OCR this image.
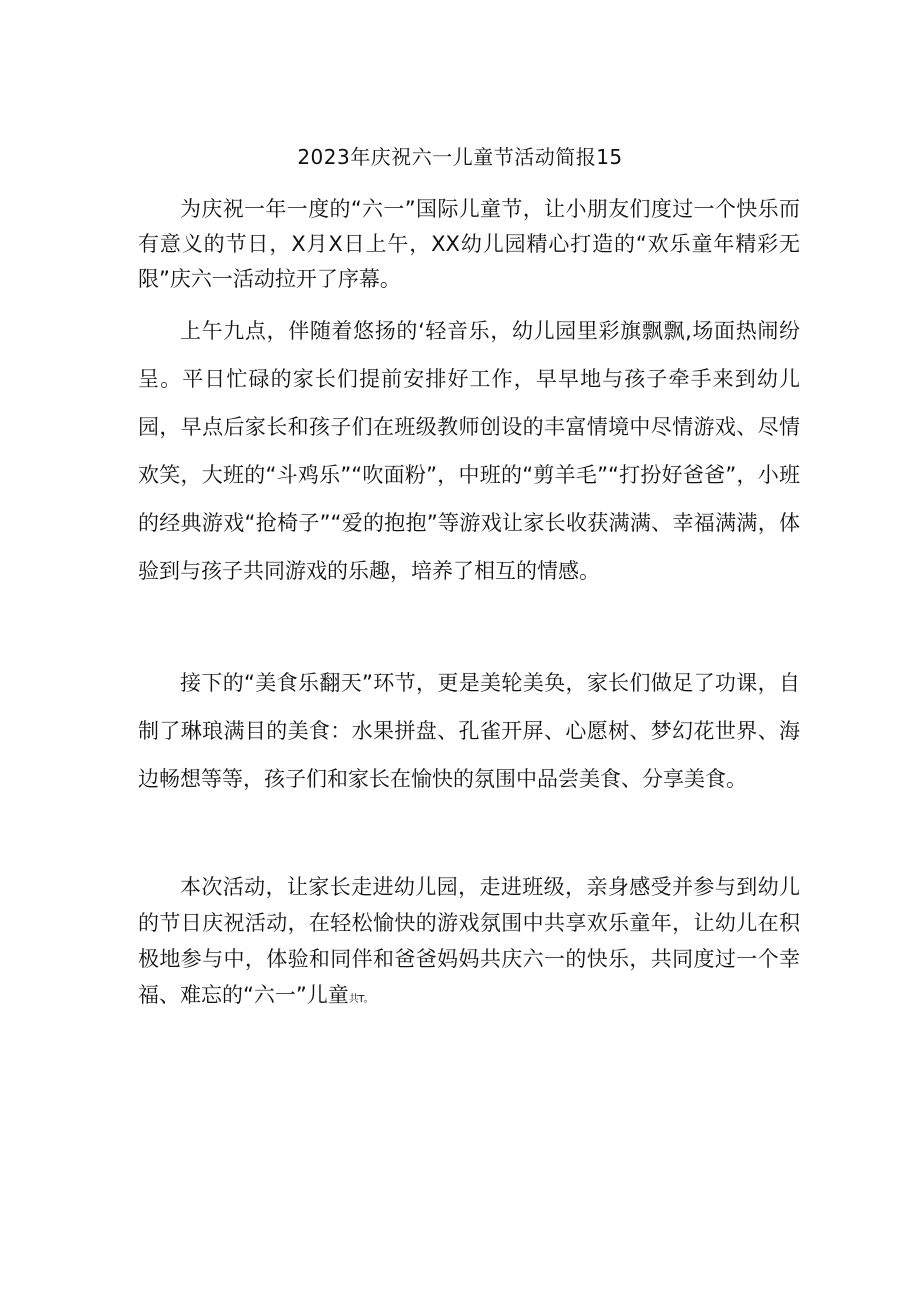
2023年庆祝六一儿童节活动简报15

为庆祝一年一度的“六一”国际儿童节，让小朋友们度过一个快乐而有意义的节日，X月X日上午，XX幼儿园精心打造的“欢乐童年精彩无限”庆六一活动拉开了序幕。

上午九点，伴随着悠扬的‘轻音乐，幼儿园里彩旗飘飘,场面热闹纷呈。平日忙碌的家长们提前安排好工作，早早地与孩子牵手来到幼儿园，早点后家长和孩子们在班级教师创设的丰富情境中尽情游戏、尽情欢笑，大班的“斗鸡乐”“吹面粉”，中班的“剪羊毛”“打扮好爸爸”，小班的经典游戏“抢椅子”“爱的抱抱”等游戏让家长收获满满、幸福满满，体验到与孩子共同游戏的乐趣，培养了相互的情感。

接下的“美食乐翻天”环节，更是美轮美奂，家长们做足了功课，自制了琳琅满目的美食：水果拼盘、孔雀开屏、心愿树、梦幻花世界、海边畅想等等，孩子们和家长在愉快的氛围中品尝美食、分享美食。

本次活动，让家长走进幼儿园，走进班级，亲身感受并参与到幼儿的节日庆祝活动，在轻松愉快的游戏氛围中共享欢乐童年，让幼儿在积极地参与中，体验和同伴和爸爸妈妈共庆六一的快乐，共同度过一个幸福、难忘的“六一”儿童共T。
